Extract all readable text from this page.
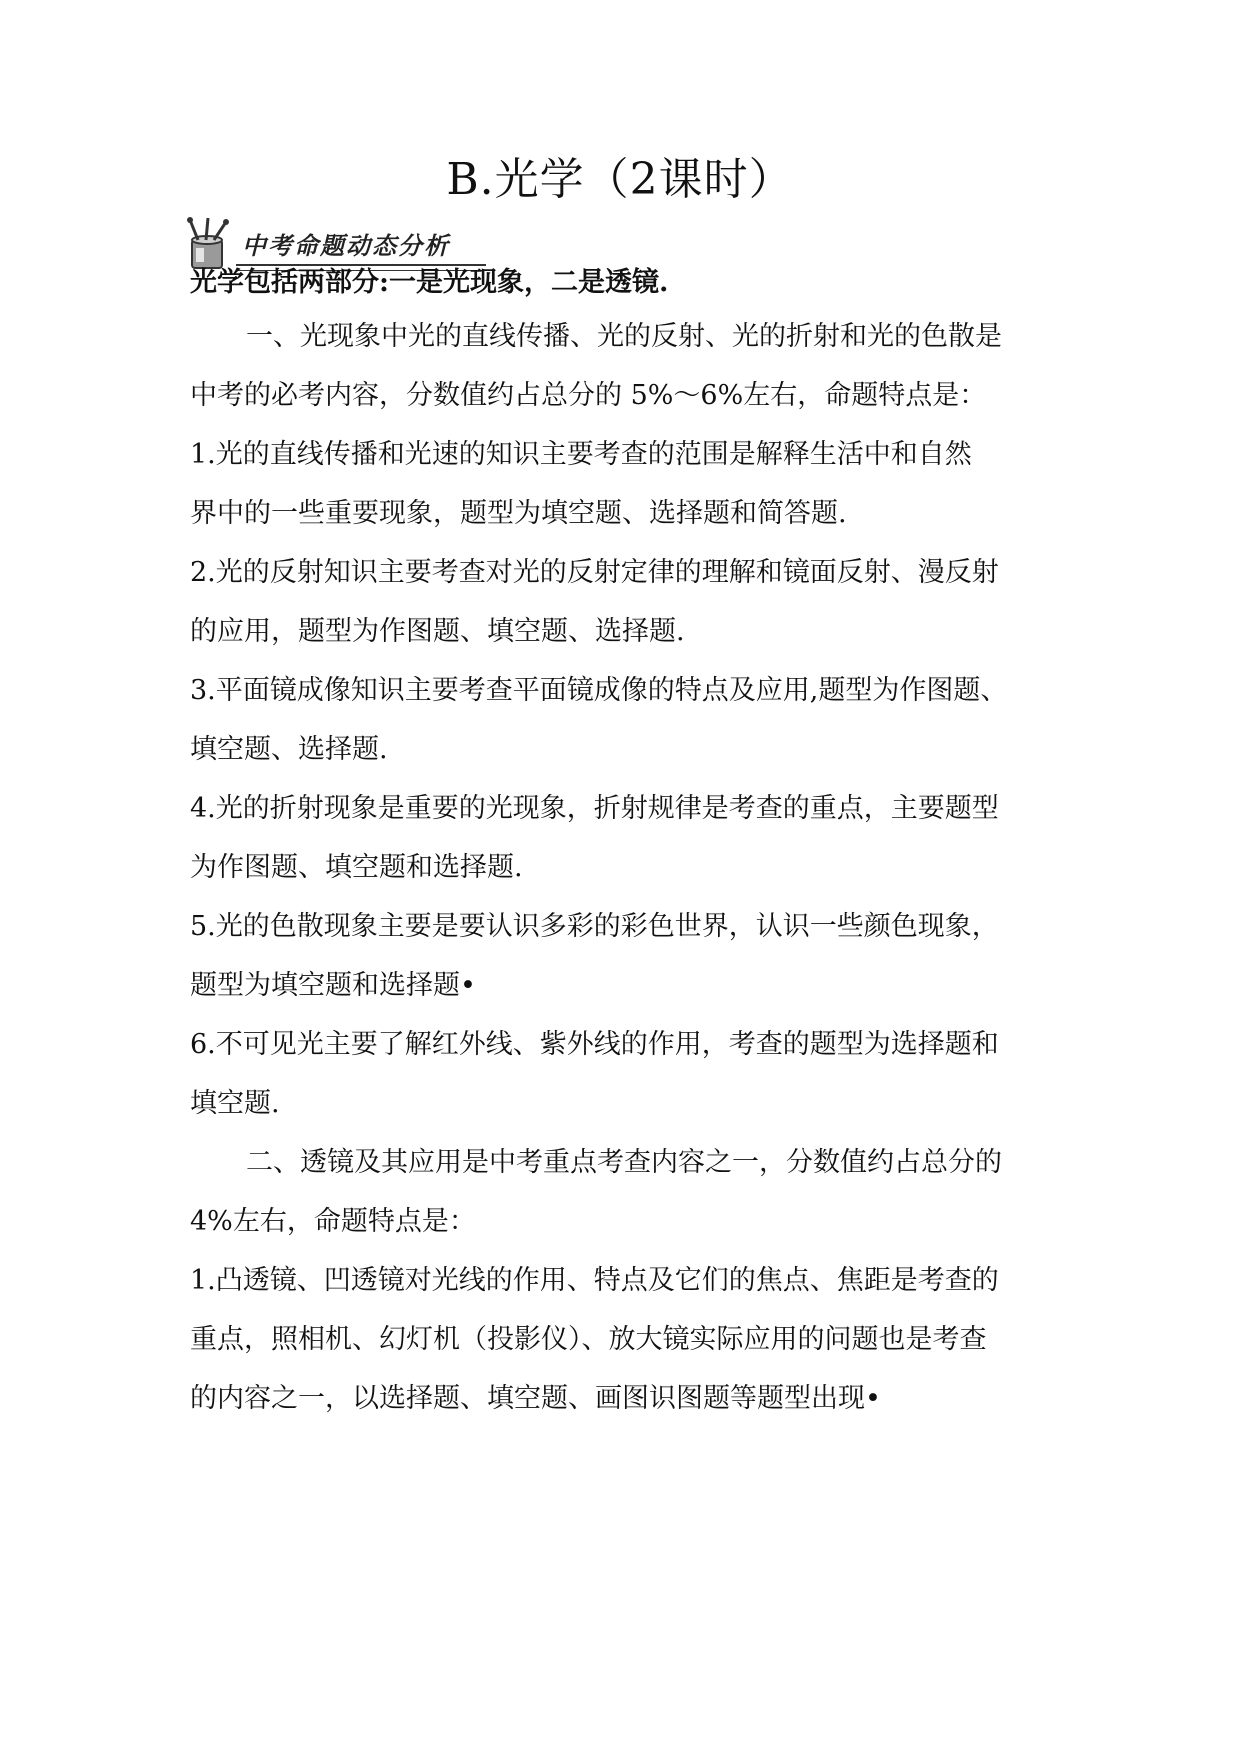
B.光学（2课时）
中考命题动态分析
光学包括两部分:一是光现象，二是透镜.
一、光现象中光的直线传播、光的反射、光的折射和光的色散是
中考的必考内容，分数值约占总分的 5%～6%左右，命题特点是：
1.光的直线传播和光速的知识主要考查的范围是解释生活中和自然
界中的一些重要现象，题型为填空题、选择题和简答题.
2.光的反射知识主要考查对光的反射定律的理解和镜面反射、漫反射
的应用，题型为作图题、填空题、选择题.
3.平面镜成像知识主要考查平面镜成像的特点及应用,题型为作图题、
填空题、选择题.
4.光的折射现象是重要的光现象，折射规律是考查的重点，主要题型
为作图题、填空题和选择题.
5.光的色散现象主要是要认识多彩的彩色世界，认识一些颜色现象，
题型为填空题和选择题•
6.不可见光主要了解红外线、紫外线的作用，考查的题型为选择题和
填空题.
二、透镜及其应用是中考重点考查内容之一，分数值约占总分的
4%左右，命题特点是：
1.凸透镜、凹透镜对光线的作用、特点及它们的焦点、焦距是考查的
重点，照相机、幻灯机（投影仪）、放大镜实际应用的问题也是考查
的内容之一，以选择题、填空题、画图识图题等题型出现•
